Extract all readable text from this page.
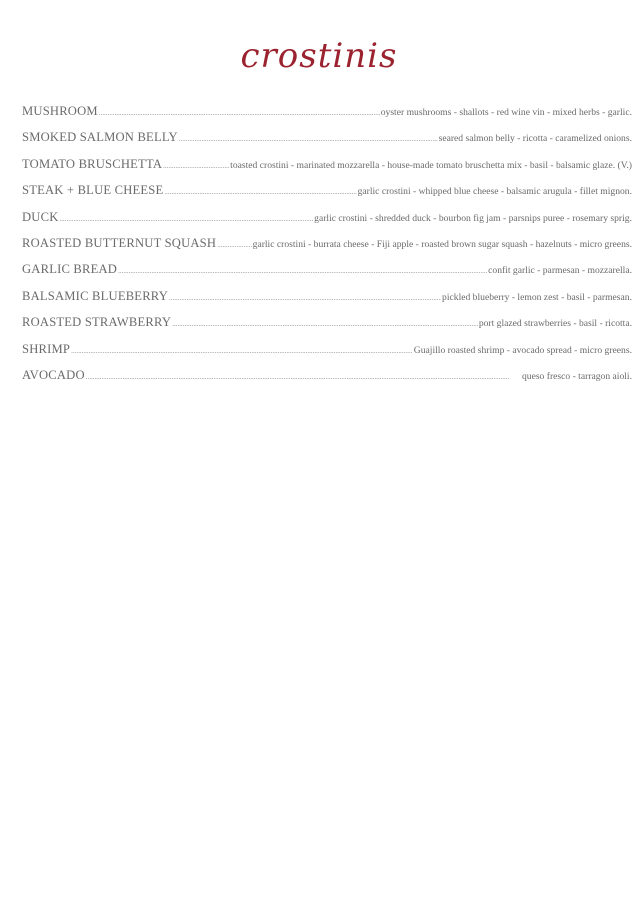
crostinis
MUSHROOM .....	oyster mushrooms - shallots - red wine vin - mixed herbs - garlic.
SMOKED SALMON BELLY .....	seared salmon belly - ricotta - caramelized onions.
TOMATO BRUSCHETTA .....	toasted crostini - marinated mozzarella - house-made tomato bruschetta mix - basil - balsamic glaze. (V.)
STEAK + BLUE CHEESE .....	garlic crostini - whipped blue cheese - balsamic arugula - fillet mignon.
DUCK .....	garlic crostini - shredded duck - bourbon fig jam - parsnips puree - rosemary sprig.
ROASTED BUTTERNUT SQUASH .....	garlic crostini - burrata cheese - Fiji apple - roasted brown sugar squash - hazelnuts - micro greens.
GARLIC BREAD .....	confit garlic - parmesan - mozzarella.
BALSAMIC BLUEBERRY .....	pickled blueberry - lemon zest - basil - parmesan.
ROASTED STRAWBERRY .....	port glazed strawberries - basil - ricotta.
SHRIMP .....	Guajillo roasted shrimp - avocado spread - micro greens.
AVOCADO .....	queso fresco - tarragon aioli.
